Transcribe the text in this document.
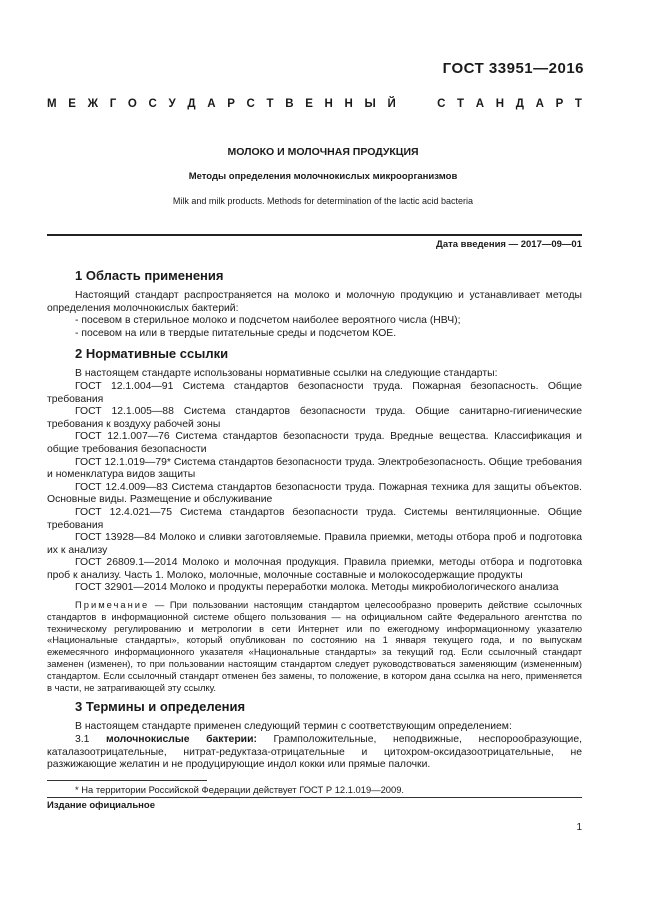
ГОСТ 33951—2016
М Е Ж Г О С У Д А Р С Т В Е Н Н Ы Й	С Т А Н Д А Р Т
МОЛОКО И МОЛОЧНАЯ ПРОДУКЦИЯ
Методы определения молочнокислых микроорганизмов
Milk and milk products. Methods for determination of the lactic acid bacteria
Дата введения — 2017—09—01
1 Область применения

Настоящий стандарт распространяется на молоко и молочную продукцию и устанавливает методы определения молочнокислых бактерий:

- посевом в стерильное молоко и подсчетом наиболее вероятного числа (НВЧ);

- посевом на или в твердые питательные среды и подсчетом КОЕ.

2 Нормативные ссылки

В настоящем стандарте использованы нормативные ссылки на следующие стандарты:

ГОСТ 12.1.004—91 Система стандартов безопасности труда. Пожарная безопасность. Общие требования

ГОСТ 12.1.005—88 Система стандартов безопасности труда. Общие санитарно-гигиенические требования к воздуху рабочей зоны

ГОСТ 12.1.007—76 Система стандартов безопасности труда. Вредные вещества. Классификация и общие требования безопасности

ГОСТ 12.1.019—79* Система стандартов безопасности труда. Электробезопасность. Общие требования и номенклатура видов защиты

ГОСТ 12.4.009—83 Система стандартов безопасности труда. Пожарная техника для защиты объектов. Основные виды. Размещение и обслуживание

ГОСТ 12.4.021—75 Система стандартов безопасности труда. Системы вентиляционные. Общие требования

ГОСТ 13928—84 Молоко и сливки заготовляемые. Правила приемки, методы отбора проб и подготовка их к анализу

ГОСТ 26809.1—2014 Молоко и молочная продукция. Правила приемки, методы отбора и подготовка проб к анализу. Часть 1. Молоко, молочные, молочные составные и молокосодержащие продукты

ГОСТ 32901—2014 Молоко и продукты переработки молока. Методы микробиологического анализа

Примечание — При пользовании настоящим стандартом целесообразно проверить действие ссылочных стандартов в информационной системе общего пользования — на официальном сайте Федерального агентства по техническому регулированию и метрологии в сети Интернет или по ежегодному информационному указателю «Национальные стандарты», который опубликован по состоянию на 1 января текущего года, и по выпускам ежемесячного информационного указателя «Национальные стандарты» за текущий год. Если ссылочный стандарт заменен (изменен), то при пользовании настоящим стандартом следует руководствоваться заменяющим (измененным) стандартом. Если ссылочный стандарт отменен без замены, то положение, в котором дана ссылка на него, применяется в части, не затрагивающей эту ссылку.

3 Термины и определения

В настоящем стандарте применен следующий термин с соответствующим определением:

3.1 молочнокислые бактерии: Грамположительные, неподвижные, неспорообразующие, каталазоотрицательные, нитрат-редуктаза-отрицательные и цитохром-оксидазоотрицательные, не разжижающие желатин и не продуцирующие индол кокки или прямые палочки.

* На территории Российской Федерации действует ГОСТ Р 12.1.019—2009.
Издание официальное
1
